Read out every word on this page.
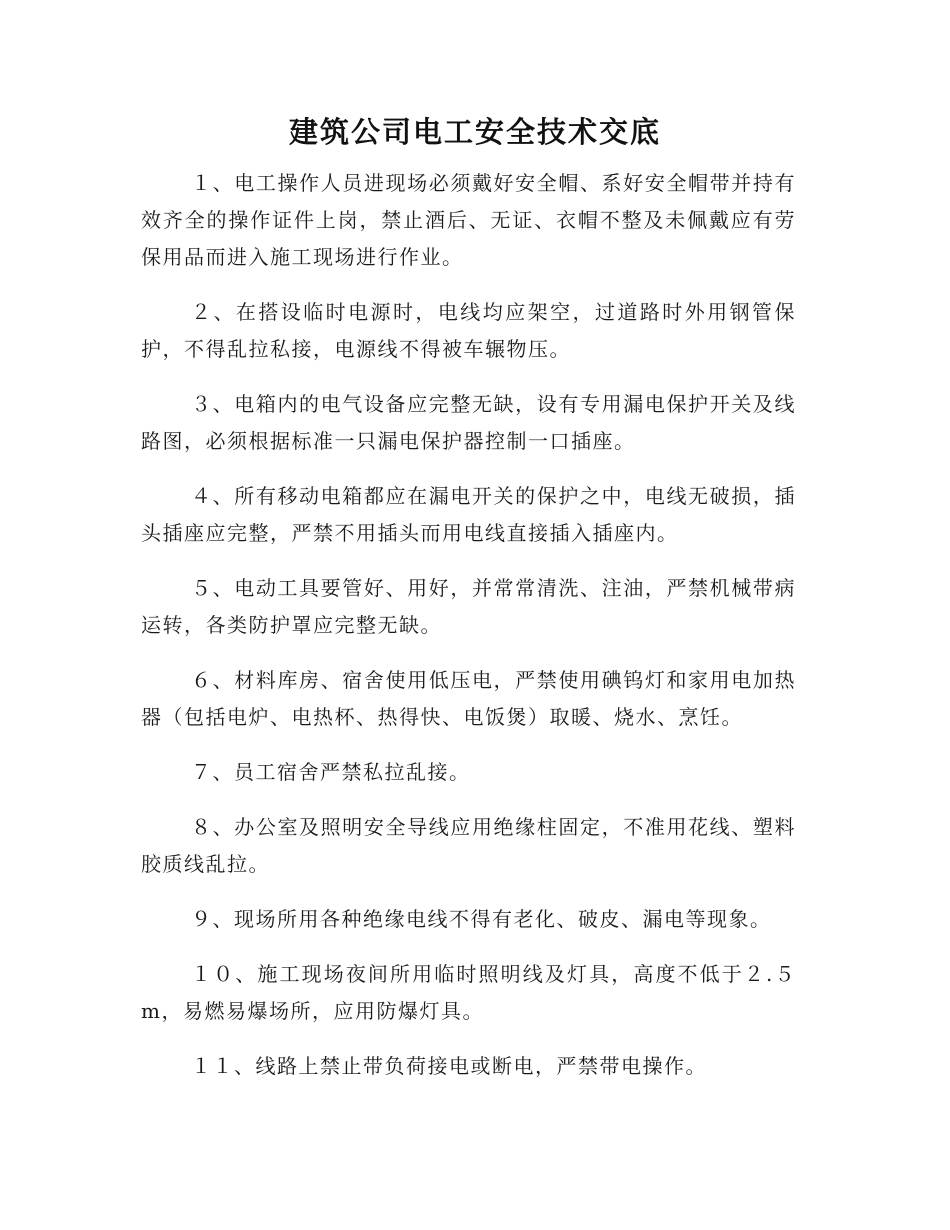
建筑公司电工安全技术交底

１、电工操作人员进现场必须戴好安全帽、系好安全帽带并持有效齐全的操作证件上岗，禁止酒后、无证、衣帽不整及未佩戴应有劳保用品而进入施工现场进行作业。

２、在搭设临时电源时，电线均应架空，过道路时外用钢管保护，不得乱拉私接，电源线不得被车辗物压。

３、电箱内的电气设备应完整无缺，设有专用漏电保护开关及线路图，必须根据标准一只漏电保护器控制一口插座。

４、所有移动电箱都应在漏电开关的保护之中，电线无破损，插头插座应完整，严禁不用插头而用电线直接插入插座内。

５、电动工具要管好、用好，并常常清洗、注油，严禁机械带病运转，各类防护罩应完整无缺。

６、材料库房、宿舍使用低压电，严禁使用碘钨灯和家用电加热器（包括电炉、电热杯、热得快、电饭煲）取暖、烧水、烹饪。

７、员工宿舍严禁私拉乱接。

８、办公室及照明安全导线应用绝缘柱固定，不准用花线、塑料胶质线乱拉。

９、现场所用各种绝缘电线不得有老化、破皮、漏电等现象。

１０、施工现场夜间所用临时照明线及灯具，高度不低于２.５m，易燃易爆场所，应用防爆灯具。

１１、线路上禁止带负荷接电或断电，严禁带电操作。
